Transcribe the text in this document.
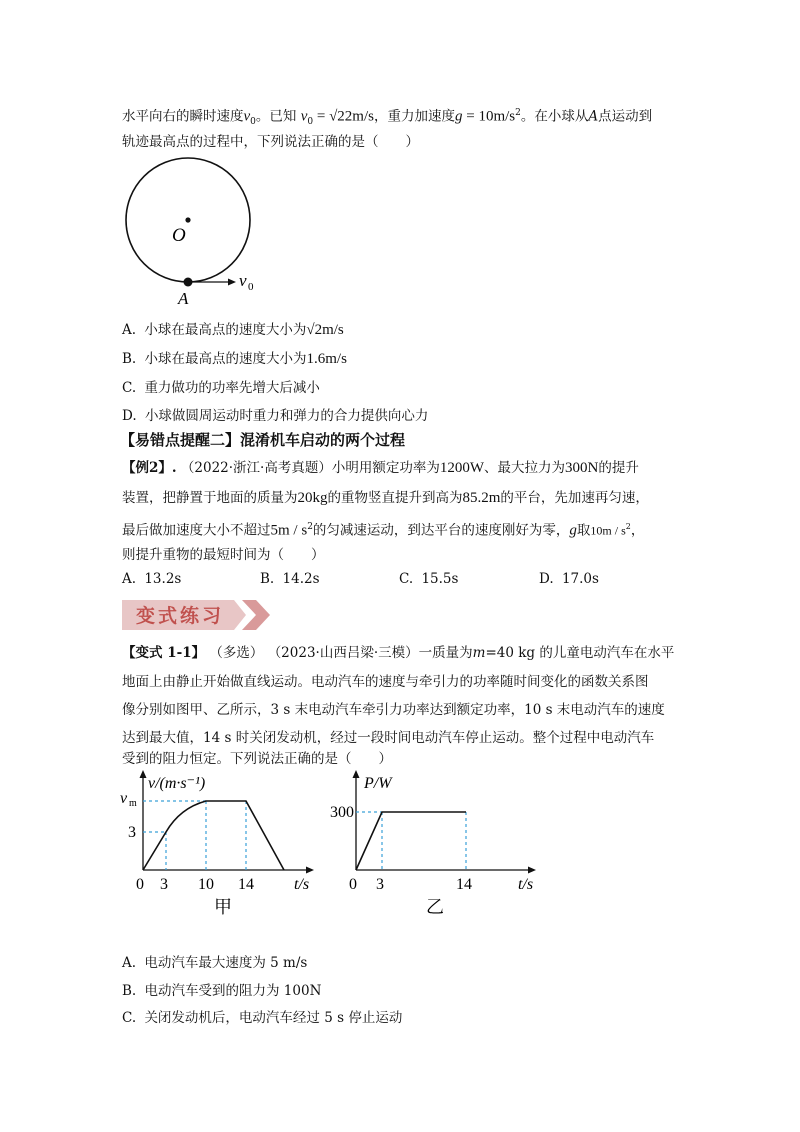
水平向右的瞬时速度$v_0$。已知 $v_0 = √22m/s$，重力加速度$g = 10m/s^2$。在小球从A点运动到
轨迹最高点的过程中，下列说法正确的是（　　）
O
v 0
A
A. 小球在最高点的速度大小为√2m/s
B. 小球在最高点的速度大小为1.6m/s
C. 重力做功的功率先增大后减小
D. 小球做圆周运动时重力和弹力的合力提供向心力
【易错点提醒二】混淆机车启动的两个过程
【例2】. （2022·浙江·高考真题）小明用额定功率为1200W、最大拉力为300N的提升
装置，把静置于地面的质量为20kg的重物竖直提升到高为85.2m的平台，先加速再匀速，
最后做加速度大小不超过$5m / s^2$的匀减速运动，到达平台的速度刚好为零，g取$10m / s^2$，
则提升重物的最短时间为（　　）
A. 13.2s	B. 14.2s	C. 15.5s	D. 17.0s
变式练习
【变式 1-1】 （多选） （2023·山西吕梁·三模）一质量为m=40 kg 的儿童电动汽车在水平
地面上由静止开始做直线运动。电动汽车的速度与牵引力的功率随时间变化的函数关系图
像分别如图甲、乙所示，3 s 末电动汽车牵引力功率达到额定功率，10 s 末电动汽车的速度
达到最大值，14 s 时关闭发动机，经过一段时间电动汽车停止运动。整个过程中电动汽车
受到的阻力恒定。下列说法正确的是（　　）
v/(m·s⁻¹)
v m
3
0 3 10 14	t/s
甲
P/W
300
0 3	14	t/s
乙
A. 电动汽车最大速度为 5 m/s
B. 电动汽车受到的阻力为 100N
C. 关闭发动机后，电动汽车经过 5 s 停止运动
